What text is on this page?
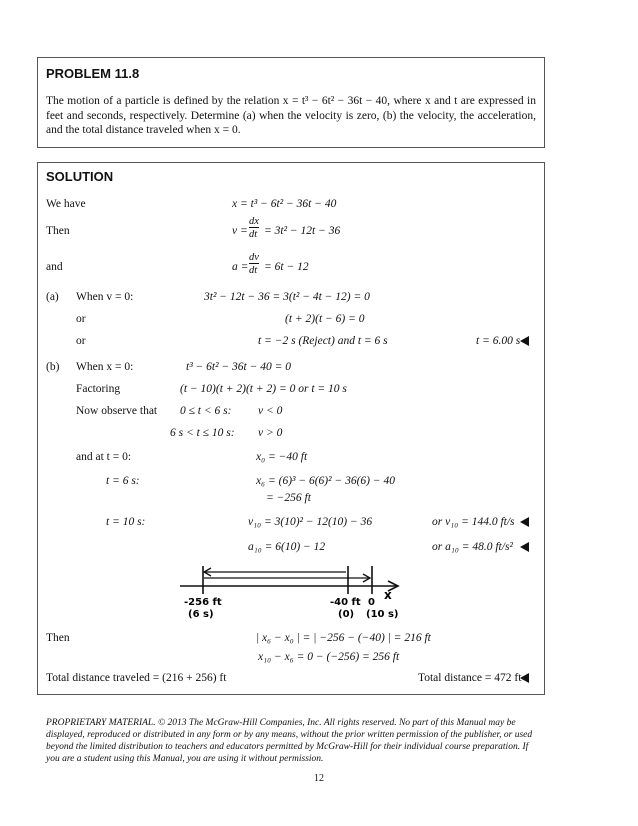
PROBLEM 11.8
The motion of a particle is defined by the relation x = t³ − 6t² − 36t − 40, where x and t are expressed in feet and seconds, respectively. Determine (a) when the velocity is zero, (b) the velocity, the acceleration, and the total distance traveled when x = 0.
SOLUTION
We have	x = t³ − 6t² − 36t − 40
Then	v =
dx
dt = 3t² − 12t − 36
and	a =
dv
dt = 6t − 12
(a) When v = 0:	3t² − 12t − 36 = 3(t² − 4t − 12) = 0
or	(t + 2)(t − 6) = 0
or	t = −2 s (Reject) and t = 6 s	t = 6.00 s
(b) When x = 0:	t³ − 6t² − 36t − 40 = 0
Factoring	(t − 10)(t + 2)(t + 2) = 0 or t = 10 s
Now observe that 0 ≤ t < 6 s: v < 0
6 s < t ≤ 10 s: v > 0
and at t = 0:	x₀ = −40 ft
t = 6 s:	x₆ = (6)³ − 6(6)² − 36(6) − 40
= −256 ft
t = 10 s:	v₁₀ = 3(10)² − 12(10) − 36	or v₁₀ = 144.0 ft/s
a₁₀ = 6(10) − 12	or a₁₀ = 48.0 ft/s²
-256 ft
(6 s)
-40 ft
(0)
0
(10 s)
x
Then	| x₆ − x₀ | = | −256 − (−40) | = 216 ft
x₁₀ − x₆ = 0 − (−256) = 256 ft
Total distance traveled = (216 + 256) ft	Total distance = 472 ft
PROPRIETARY MATERIAL. © 2013 The McGraw-Hill Companies, Inc. All rights reserved. No part of this Manual may be displayed, reproduced or distributed in any form or by any means, without the prior written permission of the publisher, or used beyond the limited distribution to teachers and educators permitted by McGraw-Hill for their individual course preparation. If you are a student using this Manual, you are using it without permission.
12
